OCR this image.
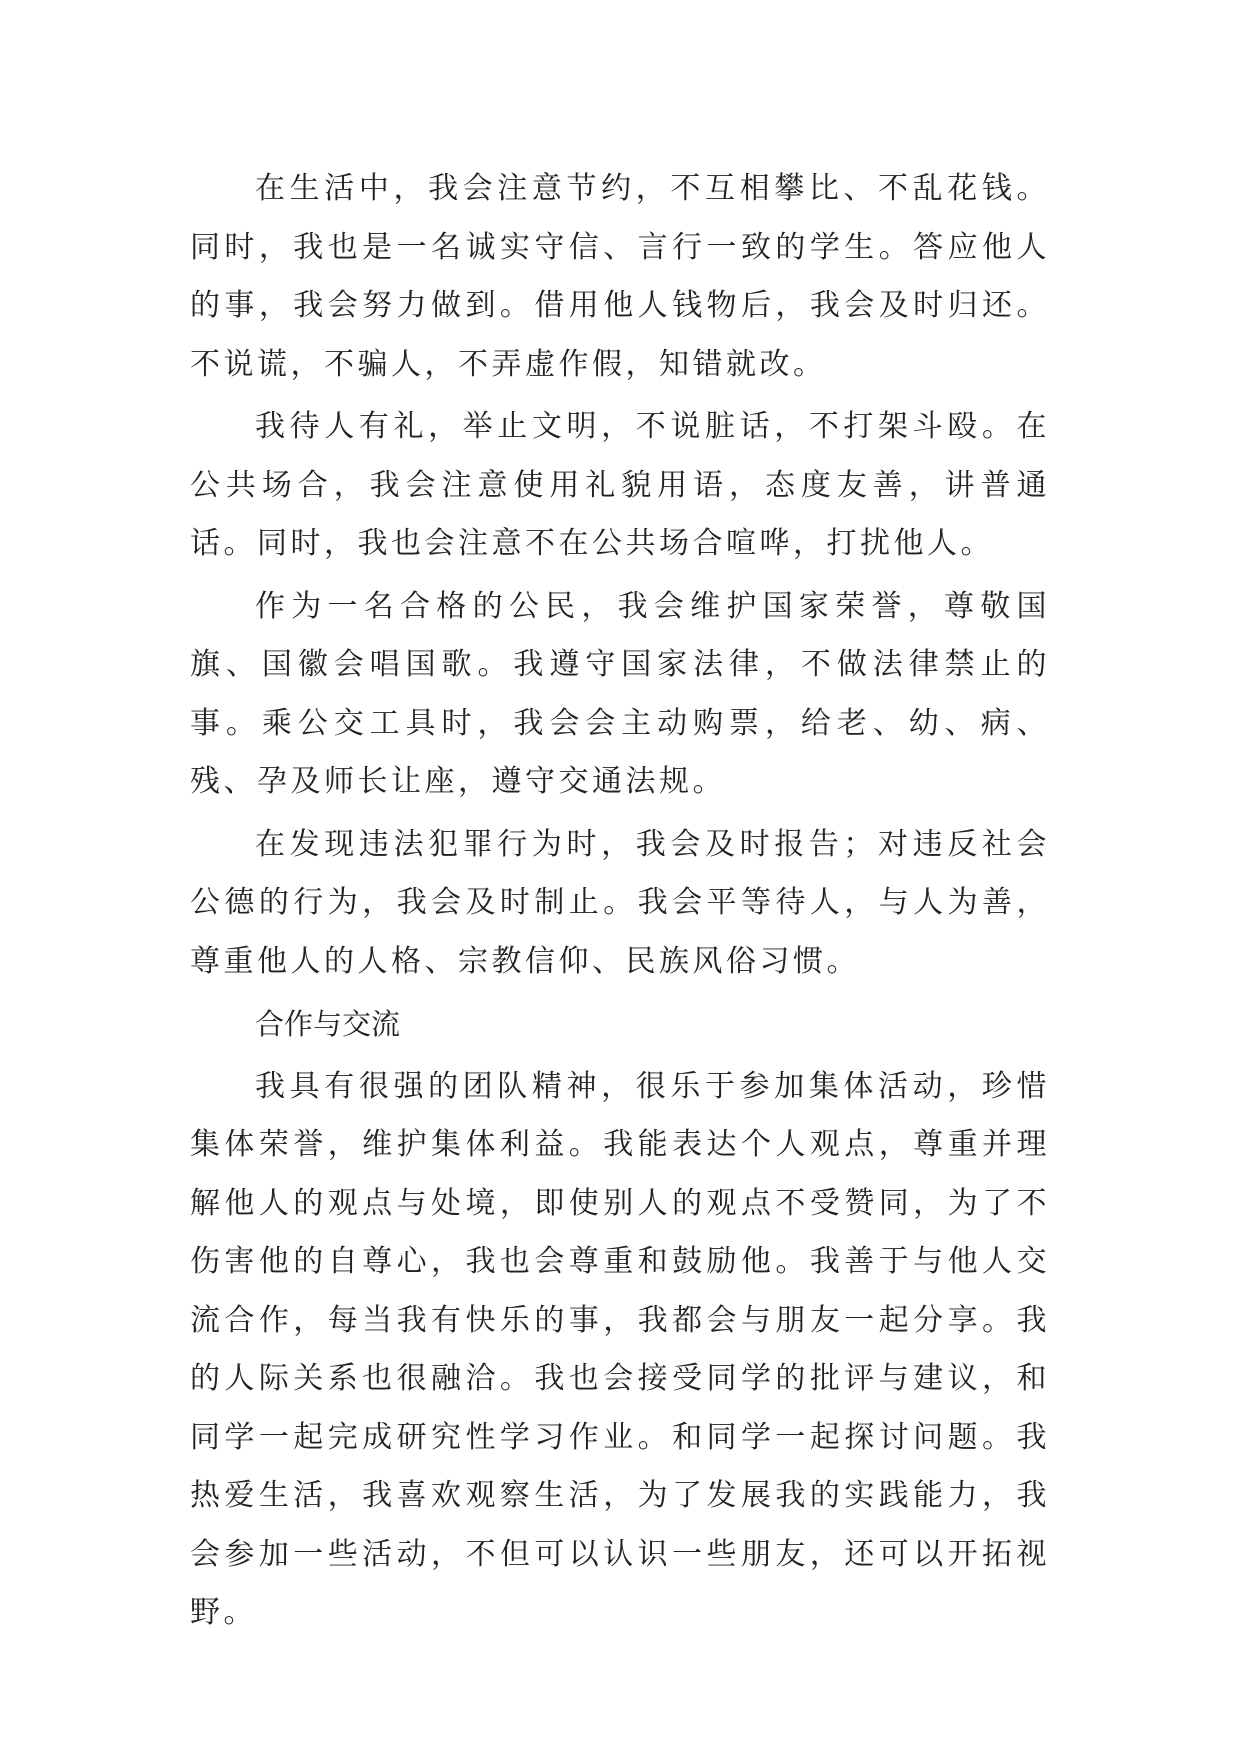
在生活中，我会注意节约，不互相攀比、不乱花钱。同时，我也是一名诚实守信、言行一致的学生。答应他人的事，我会努力做到。借用他人钱物后，我会及时归还。不说谎，不骗人，不弄虚作假，知错就改。

我待人有礼，举止文明，不说脏话，不打架斗殴。在公共场合，我会注意使用礼貌用语，态度友善，讲普通话。同时，我也会注意不在公共场合喧哗，打扰他人。

作为一名合格的公民，我会维护国家荣誉，尊敬国旗、国徽会唱国歌。我遵守国家法律，不做法律禁止的事。乘公交工具时，我会会主动购票，给老、幼、病、残、孕及师长让座，遵守交通法规。

在发现违法犯罪行为时，我会及时报告；对违反社会公德的行为，我会及时制止。我会平等待人，与人为善，尊重他人的人格、宗教信仰、民族风俗习惯。

合作与交流

我具有很强的团队精神，很乐于参加集体活动，珍惜集体荣誉，维护集体利益。我能表达个人观点，尊重并理解他人的观点与处境，即使别人的观点不受赞同，为了不伤害他的自尊心，我也会尊重和鼓励他。我善于与他人交流合作，每当我有快乐的事，我都会与朋友一起分享。我的人际关系也很融洽。我也会接受同学的批评与建议，和同学一起完成研究性学习作业。和同学一起探讨问题。我热爱生活，我喜欢观察生活，为了发展我的实践能力，我会参加一些活动，不但可以认识一些朋友，还可以开拓视野。
